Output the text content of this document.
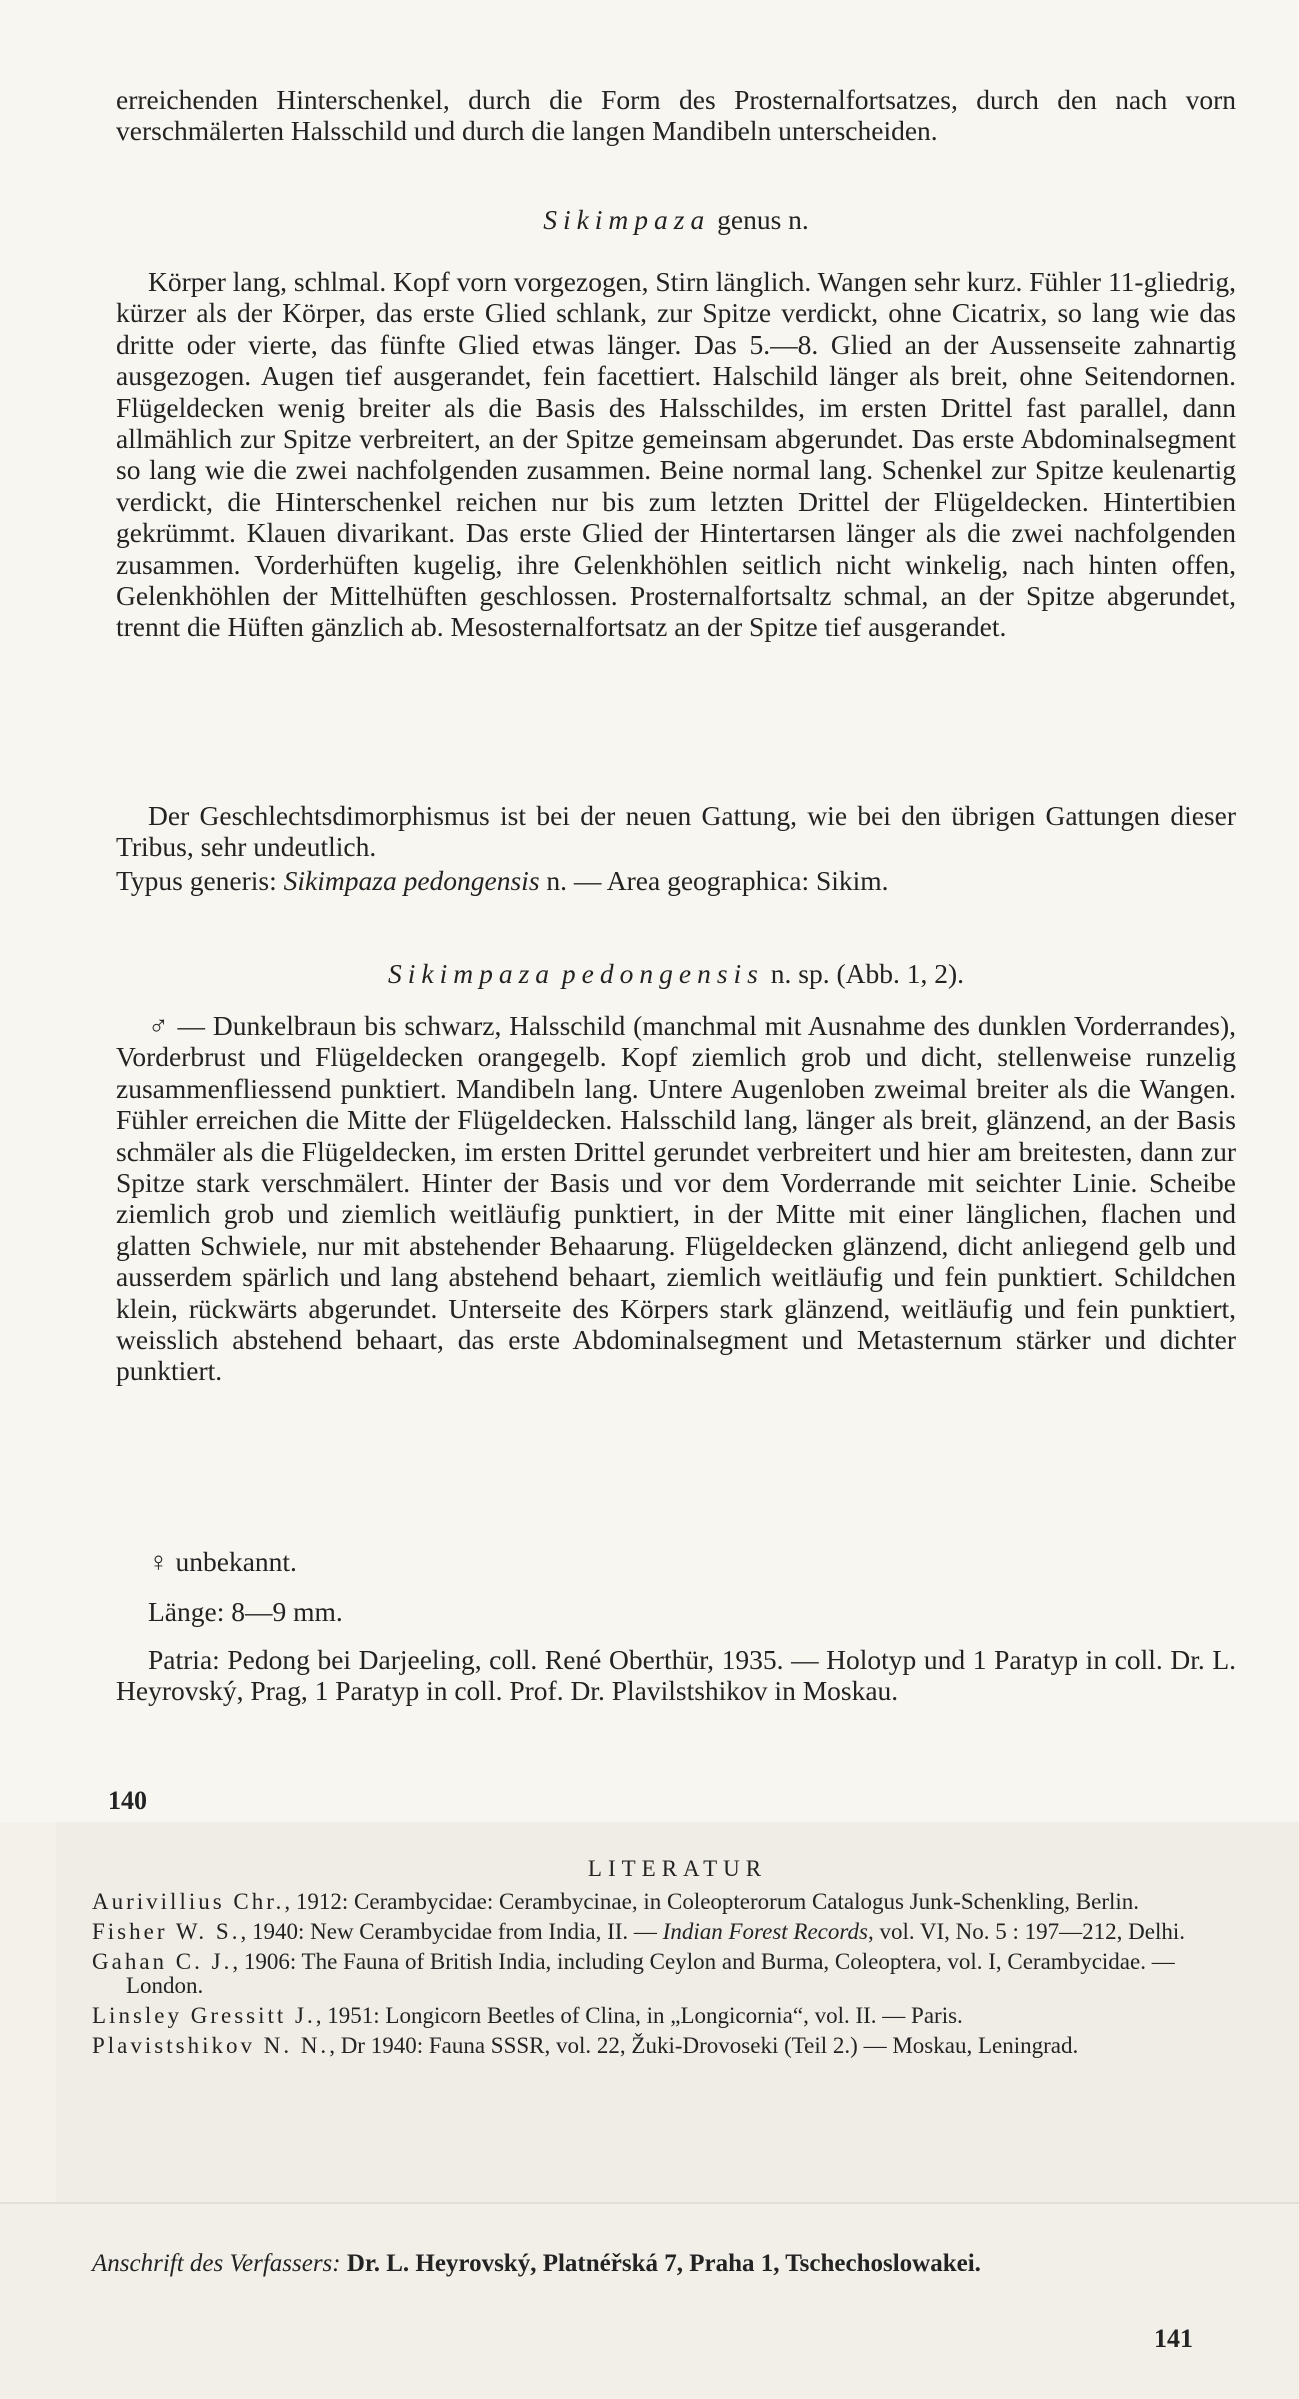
erreichenden Hinterschenkel, durch die Form des Prosternalfortsatzes, durch den nach vorn verschmälerten Halsschild und durch die langen Mandibeln unterscheiden.

Sikimpaza genus n.

Körper lang, schlmal. Kopf vorn vorgezogen, Stirn länglich. Wangen sehr kurz. Fühler 11-gliedrig, kürzer als der Körper, das erste Glied schlank, zur Spitze verdickt, ohne Cicatrix, so lang wie das dritte oder vierte, das fünfte Glied etwas länger. Das 5.—8. Glied an der Aussenseite zahnartig ausgezogen. Augen tief ausgerandet, fein facettiert. Halschild länger als breit, ohne Seitendornen. Flügeldecken wenig breiter als die Basis des Halsschildes, im ersten Drittel fast parallel, dann allmählich zur Spitze verbreitert, an der Spitze gemeinsam abgerundet. Das erste Abdominalsegment so lang wie die zwei nachfolgenden zusammen. Beine normal lang. Schenkel zur Spitze keulenartig verdickt, die Hinterschenkel reichen nur bis zum letzten Drittel der Flügeldecken. Hintertibien gekrümmt. Klauen divarikant. Das erste Glied der Hintertarsen länger als die zwei nachfolgenden zusammen. Vorderhüften kugelig, ihre Gelenkhöhlen seitlich nicht winkelig, nach hinten offen, Gelenkhöhlen der Mittelhüften geschlossen. Prosternalfortsaltz schmal, an der Spitze abgerundet, trennt die Hüften gänzlich ab. Mesosternalfortsatz an der Spitze tief ausgerandet.

Der Geschlechtsdimorphismus ist bei der neuen Gattung, wie bei den übrigen Gattungen dieser Tribus, sehr undeutlich.

Typus generis: Sikimpaza pedongensis n. — Area geographica: Sikim.

Sikimpaza pedongensis n. sp. (Abb. 1, 2).

♂ — Dunkelbraun bis schwarz, Halsschild (manchmal mit Ausnahme des dunklen Vorderrandes), Vorderbrust und Flügeldecken orangegelb. Kopf ziemlich grob und dicht, stellenweise runzelig zusammenfliessend punktiert. Mandibeln lang. Untere Augenloben zweimal breiter als die Wangen. Fühler erreichen die Mitte der Flügeldecken. Halsschild lang, länger als breit, glänzend, an der Basis schmäler als die Flügeldecken, im ersten Drittel gerundet verbreitert und hier am breitesten, dann zur Spitze stark verschmälert. Hinter der Basis und vor dem Vorderrande mit seichter Linie. Scheibe ziemlich grob und ziemlich weitläufig punktiert, in der Mitte mit einer länglichen, flachen und glatten Schwiele, nur mit abstehender Behaarung. Flügeldecken glänzend, dicht anliegend gelb und ausserdem spärlich und lang abstehend behaart, ziemlich weitläufig und fein punktiert. Schildchen klein, rückwärts abgerundet. Unterseite des Körpers stark glänzend, weitläufig und fein punktiert, weisslich abstehend behaart, das erste Abdominalsegment und Metasternum stärker und dichter punktiert.

♀ unbekannt.

Länge: 8—9 mm.

Patria: Pedong bei Darjeeling, coll. René Oberthür, 1935. — Holotyp und 1 Paratyp in coll. Dr. L. Heyrovský, Prag, 1 Paratyp in coll. Prof. Dr. Plavilstshikov in Moskau.

140
LITERATUR

Aurivillius Chr., 1912: Cerambycidae: Cerambycinae, in Coleopterorum Catalogus Junk-Schenkling, Berlin.

Fisher W. S., 1940: New Cerambycidae from India, II. — Indian Forest Records, vol. VI, No. 5 : 197—212, Delhi.

Gahan C. J., 1906: The Fauna of British India, including Ceylon and Burma, Coleoptera, vol. I, Cerambycidae. — London.

Linsley Gressitt J., 1951: Longicorn Beetles of Clina, in „Longicornia“, vol. II. — Paris.

Plavistshikov N. N., Dr 1940: Fauna SSSR, vol. 22, Žuki-Drovoseki (Teil 2.) — Moskau, Leningrad.

Anschrift des Verfassers: Dr. L. Heyrovský, Platnéřská 7, Praha 1, Tschechoslowakei.
141
